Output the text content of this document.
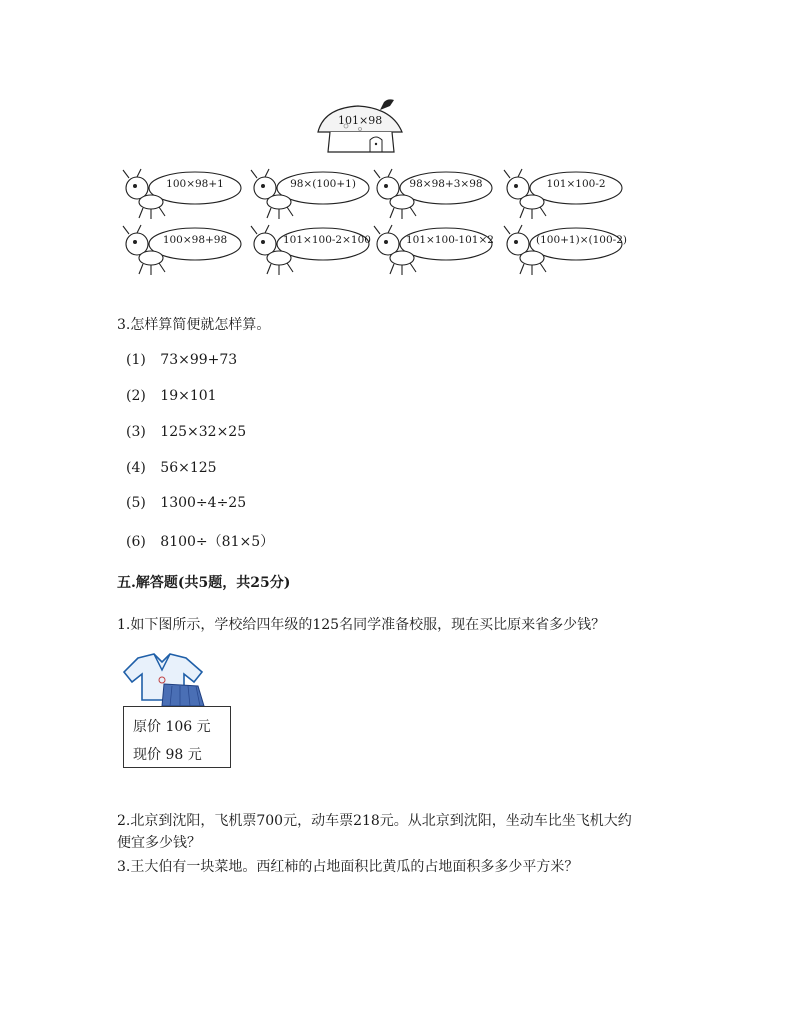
101×98
100×98+1	98×(100+1)	98×98+3×98	101×100-2
100×98+98	101×100-2×100	101×100-101×2	(100+1)×(100-2)
3.怎样算简便就怎样算。
(1) 73×99+73
(2) 19×101
(3) 125×32×25
(4) 56×125
(5) 1300÷4÷25
(6) 8100÷（81×5）
五.解答题(共5题，共25分)
1.如下图所示，学校给四年级的125名同学准备校服，现在买比原来省多少钱？
原价 106 元
现价 98 元
2.北京到沈阳，飞机票700元，动车票218元。从北京到沈阳，坐动车比坐飞机大约
便宜多少钱？
3.王大伯有一块菜地。西红柿的占地面积比黄瓜的占地面积多多少平方米？
